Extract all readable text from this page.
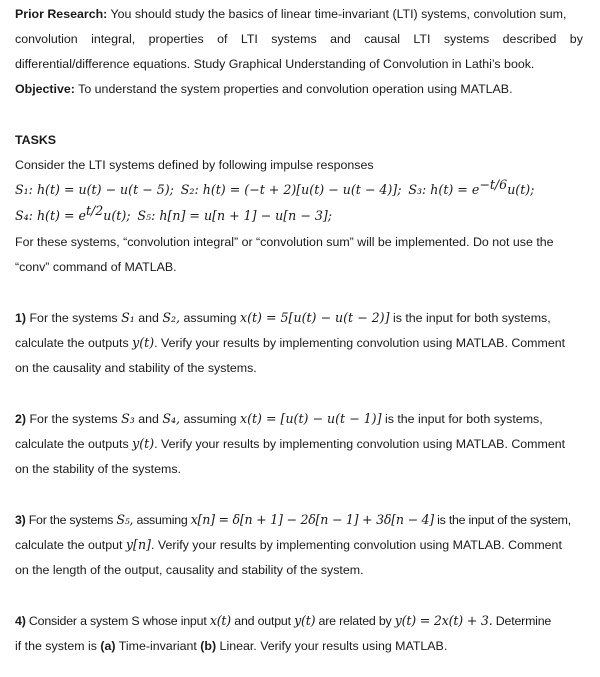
Prior Research: You should study the basics of linear time-invariant (LTI) systems, convolution sum,
convolution integral, properties of LTI systems and causal LTI systems described by
differential/difference equations. Study Graphical Understanding of Convolution in Lathi’s book.
Objective: To understand the system properties and convolution operation using MATLAB.
TASKS
Consider the LTI systems defined by following impulse responses
S₁: h(t) = u(t) − u(t − 5); S₂: h(t) = (−t + 2)[u(t) − u(t − 4)]; S₃: $h(t) = e^{-t/6}u(t)$;
S₄: $h(t) = e^{t/2}u(t)$; S₅: h[n] = u[n + 1] − u[n − 3];
For these systems, “convolution integral” or “convolution sum” will be implemented. Do not use the
“conv” command of MATLAB.
1) For the systems S₁ and S₂, assuming x(t) = 5[u(t) − u(t − 2)] is the input for both systems,
calculate the outputs y(t). Verify your results by implementing convolution using MATLAB. Comment
on the causality and stability of the systems.
2) For the systems S₃ and S₄, assuming x(t) = [u(t) − u(t − 1)] is the input for both systems,
calculate the outputs y(t). Verify your results by implementing convolution using MATLAB. Comment
on the stability of the systems.
3) For the systems S₅, assuming x[n] = δ[n + 1] − 2δ[n − 1] + 3δ[n − 4] is the input of the system,
calculate the output y[n]. Verify your results by implementing convolution using MATLAB. Comment
on the length of the output, causality and stability of the system.
4) Consider a system S whose input x(t) and output y(t) are related by y(t) = 2x(t) + 3. Determine
if the system is (a) Time-invariant (b) Linear. Verify your results using MATLAB.
